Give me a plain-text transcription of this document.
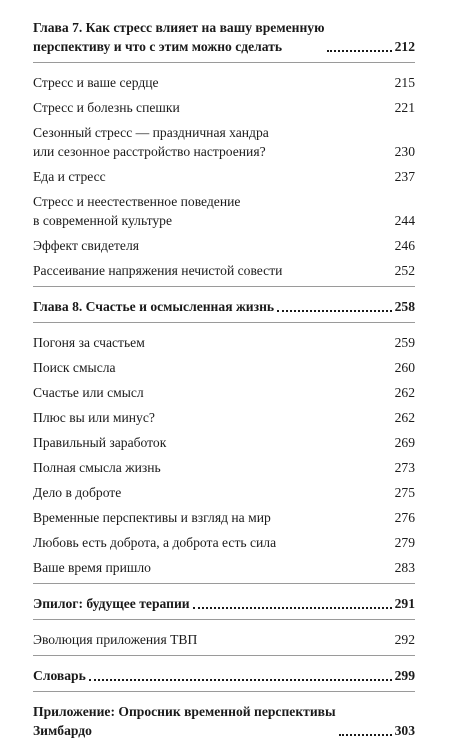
Глава 7. Как стресс влияет на вашу временную
перспективу и что с этим можно сделать	212
Стресс и ваше сердце	215
Стресс и болезнь спешки	221
Сезонный стресс — праздничная хандра
или сезонное расстройство настроения?	230
Еда и стресс	237
Стресс и неестественное поведение
в современной культуре	244
Эффект свидетеля	246
Рассеивание напряжения нечистой совести	252
Глава 8. Счастье и осмысленная жизнь	258
Погоня за счастьем	259
Поиск смысла	260
Счастье или смысл	262
Плюс вы или минус?	262
Правильный заработок	269
Полная смысла жизнь	273
Дело в доброте	275
Временные перспективы и взгляд на мир	276
Любовь есть доброта, а доброта есть сила	279
Ваше время пришло	283
Эпилог: будущее терапии	291
Эволюция приложения ТВП	292
Словарь	299
Приложение: Опросник временной перспективы
Зимбардо	303
